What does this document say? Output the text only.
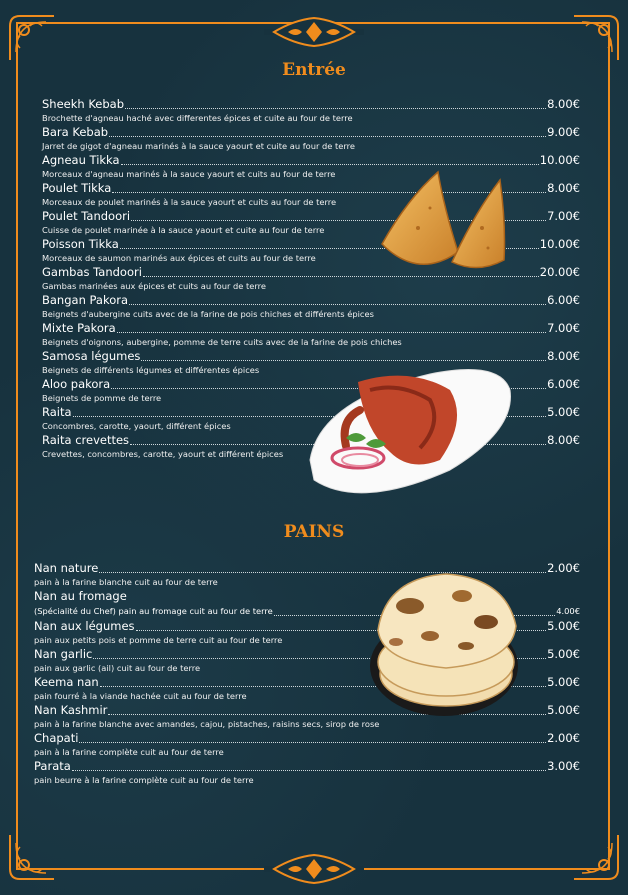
Entrée
Sheekh Kebab	8.00€
Brochette d'agneau haché avec differentes épices et cuite au four de terre
Bara Kebab	9.00€
Jarret de gigot d'agneau marinés à la sauce yaourt et cuite au four de terre
Agneau Tikka	10.00€
Morceaux d'agneau marinés à la sauce yaourt et cuits au four de terre
Poulet Tikka	8.00€
Morceaux de poulet marinés à la sauce yaourt et cuits au four de terre
Poulet Tandoori	7.00€
Cuisse de poulet marinée à la sauce yaourt et cuite au four de terre
Poisson Tikka	10.00€
Morceaux de saumon marinés aux épices et cuits au four de terre
Gambas Tandoori	20.00€
Gambas marinées aux épices et cuits au four de terre
Bangan Pakora	6.00€
Beignets d'aubergine cuits avec de la farine de pois chiches et différents épices
Mixte Pakora	7.00€
Beignets d'oignons, aubergine, pomme de terre cuits avec de la farine de pois chiches
Samosa légumes	8.00€
Beignets de différents légumes et différentes épices
Aloo pakora	6.00€
Beignets de pomme de terre
Raita	5.00€
Concombres, carotte, yaourt, différent épices
Raita crevettes	8.00€
Crevettes, concombres, carotte, yaourt et différent épices
PAINS
Nan nature	2.00€
pain à la farine blanche cuit au four de terre
Nan au fromage
(Spécialité du Chef) pain au fromage cuit au four de terre	4.00€
Nan aux légumes	5.00€
pain aux petits pois et pomme de terre cuit au four de terre
Nan garlic	5.00€
pain aux garlic (ail) cuit au four de terre
Keema nan	5.00€
pain fourré à la viande hachée cuit au four de terre
Nan Kashmir	5.00€
pain à la farine blanche avec amandes, cajou, pistaches, raisins secs, sirop de rose
Chapati	2.00€
pain à la farine complète cuit au four de terre
Parata	3.00€
pain beurre à la farine complète cuit au four de terre
